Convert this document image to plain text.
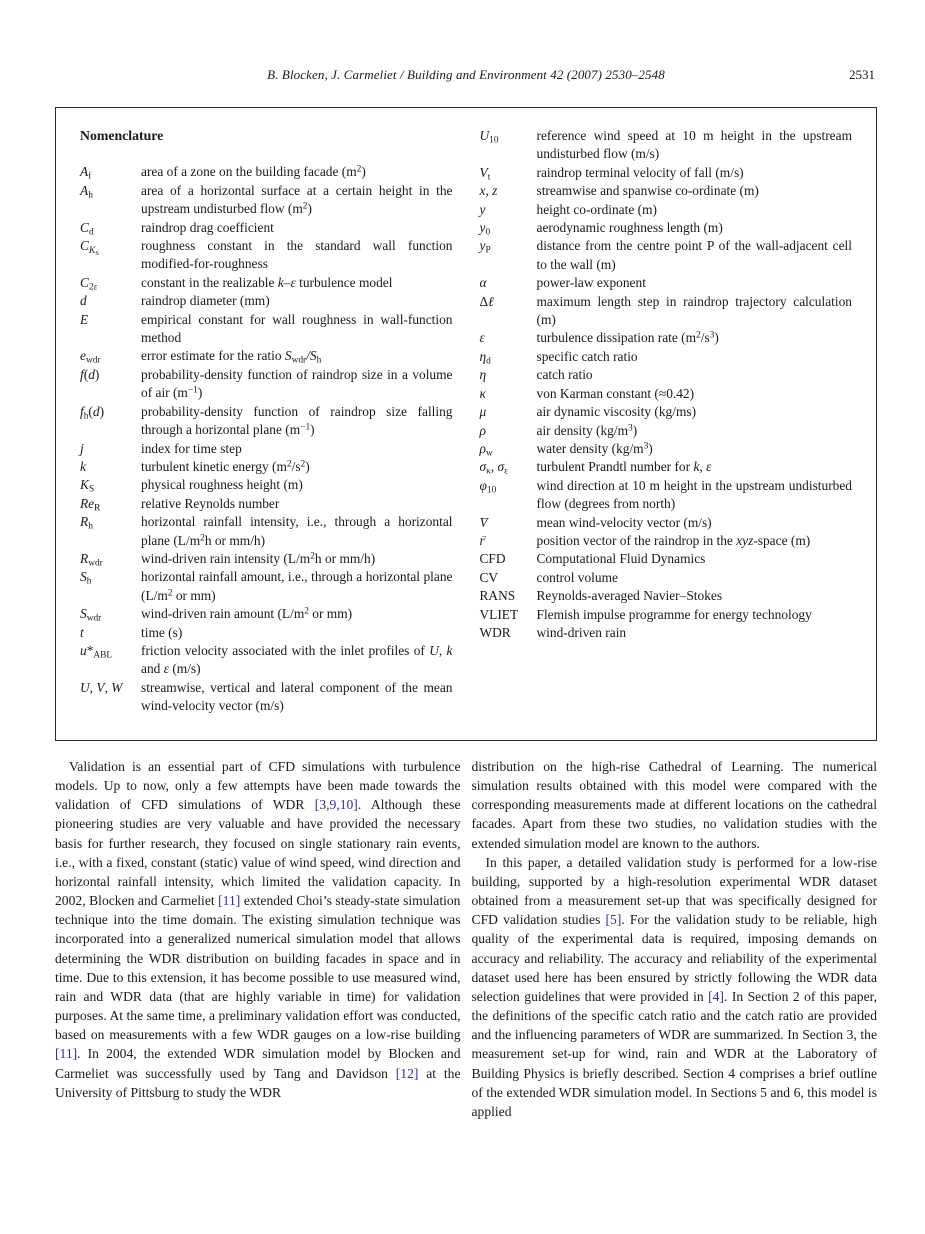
B. Blocken, J. Carmeliet / Building and Environment 42 (2007) 2530–2548	2531
Nomenclature
$A_f$	area of a zone on the building facade $(m^2)$
$A_h$	area of a horizontal surface at a certain height in the upstream undisturbed flow $(m^2)$
$C_d$	raindrop drag coefficient
$C_{K_S}$	roughness constant in the standard wall function modified-for-roughness
$C_{2\varepsilon}$	constant in the realizable k–ε turbulence model
d	raindrop diameter (mm)
E	empirical constant for wall roughness in wall-function method
$e_{wdr}$	error estimate for the ratio $S_{wdr}/S_h$
f(d)	probability-density function of raindrop size in a volume of air $(m^{-1})$
$f_h(d)$	probability-density function of raindrop size falling through a horizontal plane $(m^{-1})$
j	index for time step
k	turbulent kinetic energy $(m^2/s^2)$
$K_S$	physical roughness height (m)
$Re_R$	relative Reynolds number
$R_h$	horizontal rainfall intensity, i.e., through a horizontal plane ($L/m^2h$ or mm/h)
$R_{wdr}$	wind-driven rain intensity ($L/m^2h$ or mm/h)
$S_h$	horizontal rainfall amount, i.e., through a horizontal plane ($L/m^2$ or mm)
$S_{wdr}$	wind-driven rain amount ($L/m^2$ or mm)
t	time (s)
$u*_{ABL}$	friction velocity associated with the inlet profiles of U, k and ε (m/s)
U, V, W	streamwise, vertical and lateral component of the mean wind-velocity vector (m/s)
$U_{10}$	reference wind speed at 10 m height in the upstream undisturbed flow (m/s)
$V_t$	raindrop terminal velocity of fall (m/s)
x, z	streamwise and spanwise co-ordinate (m)
y	height co-ordinate (m)
$y_0$	aerodynamic roughness length (m)
$y_P$	distance from the centre point P of the wall-adjacent cell to the wall (m)
α	power-law exponent
Δℓ	maximum length step in raindrop trajectory calculation (m)
ε	turbulence dissipation rate $(m^2/s^3)$
$\eta_d$	specific catch ratio
η	catch ratio
κ	von Karman constant (≈0.42)
μ	air dynamic viscosity (kg/ms)
ρ	air density $(kg/m^3)$
$\rho_w$	water density $(kg/m^3)$
$\sigma_\kappa$, $\sigma_\varepsilon$	turbulent Prandtl number for k, ε
$\varphi_{10}$	wind direction at 10 m height in the upstream undisturbed flow (degrees from north)
V →	mean wind-velocity vector (m/s)
r →	position vector of the raindrop in the xyz-space (m)
CFD	Computational Fluid Dynamics
CV	control volume
RANS	Reynolds-averaged Navier–Stokes
VLIET	Flemish impulse programme for energy technology
WDR	wind-driven rain

Validation is an essential part of CFD simulations with turbulence models. Up to now, only a few attempts have been made towards the validation of CFD simulations of WDR [3,9,10]. Although these pioneering studies are very valuable and have provided the necessary basis for further research, they focused on single stationary rain events, i.e., with a fixed, constant (static) value of wind speed, wind direction and horizontal rainfall intensity, which limited the validation capacity. In 2002, Blocken and Carmeliet [11] extended Choi’s steady-state simulation technique into the time domain. The existing simulation technique was incorporated into a generalized numerical simulation model that allows determining the WDR distribution on building facades in space and in time. Due to this extension, it has become possible to use measured wind, rain and WDR data (that are highly variable in time) for validation purposes. At the same time, a preliminary validation effort was conducted, based on measurements with a few WDR gauges on a low-rise building [11]. In 2004, the extended WDR simulation model by Blocken and Carmeliet was successfully used by Tang and Davidson [12] at the University of Pittsburg to study the WDR

distribution on the high-rise Cathedral of Learning. The numerical simulation results obtained with this model were compared with the corresponding measurements made at different locations on the cathedral facades. Apart from these two studies, no validation studies with the extended simulation model are known to the authors.

In this paper, a detailed validation study is performed for a low-rise building, supported by a high-resolution experimental WDR dataset obtained from a measurement set-up that was specifically designed for CFD validation studies [5]. For the validation study to be reliable, high quality of the experimental data is required, imposing demands on accuracy and reliability. The accuracy and reliability of the experimental dataset used here has been ensured by strictly following the WDR data selection guidelines that were provided in [4]. In Section 2 of this paper, the definitions of the specific catch ratio and the catch ratio are provided and the influencing parameters of WDR are summarized. In Section 3, the measurement set-up for wind, rain and WDR at the Laboratory of Building Physics is briefly described. Section 4 comprises a brief outline of the extended WDR simulation model. In Sections 5 and 6, this model is applied
